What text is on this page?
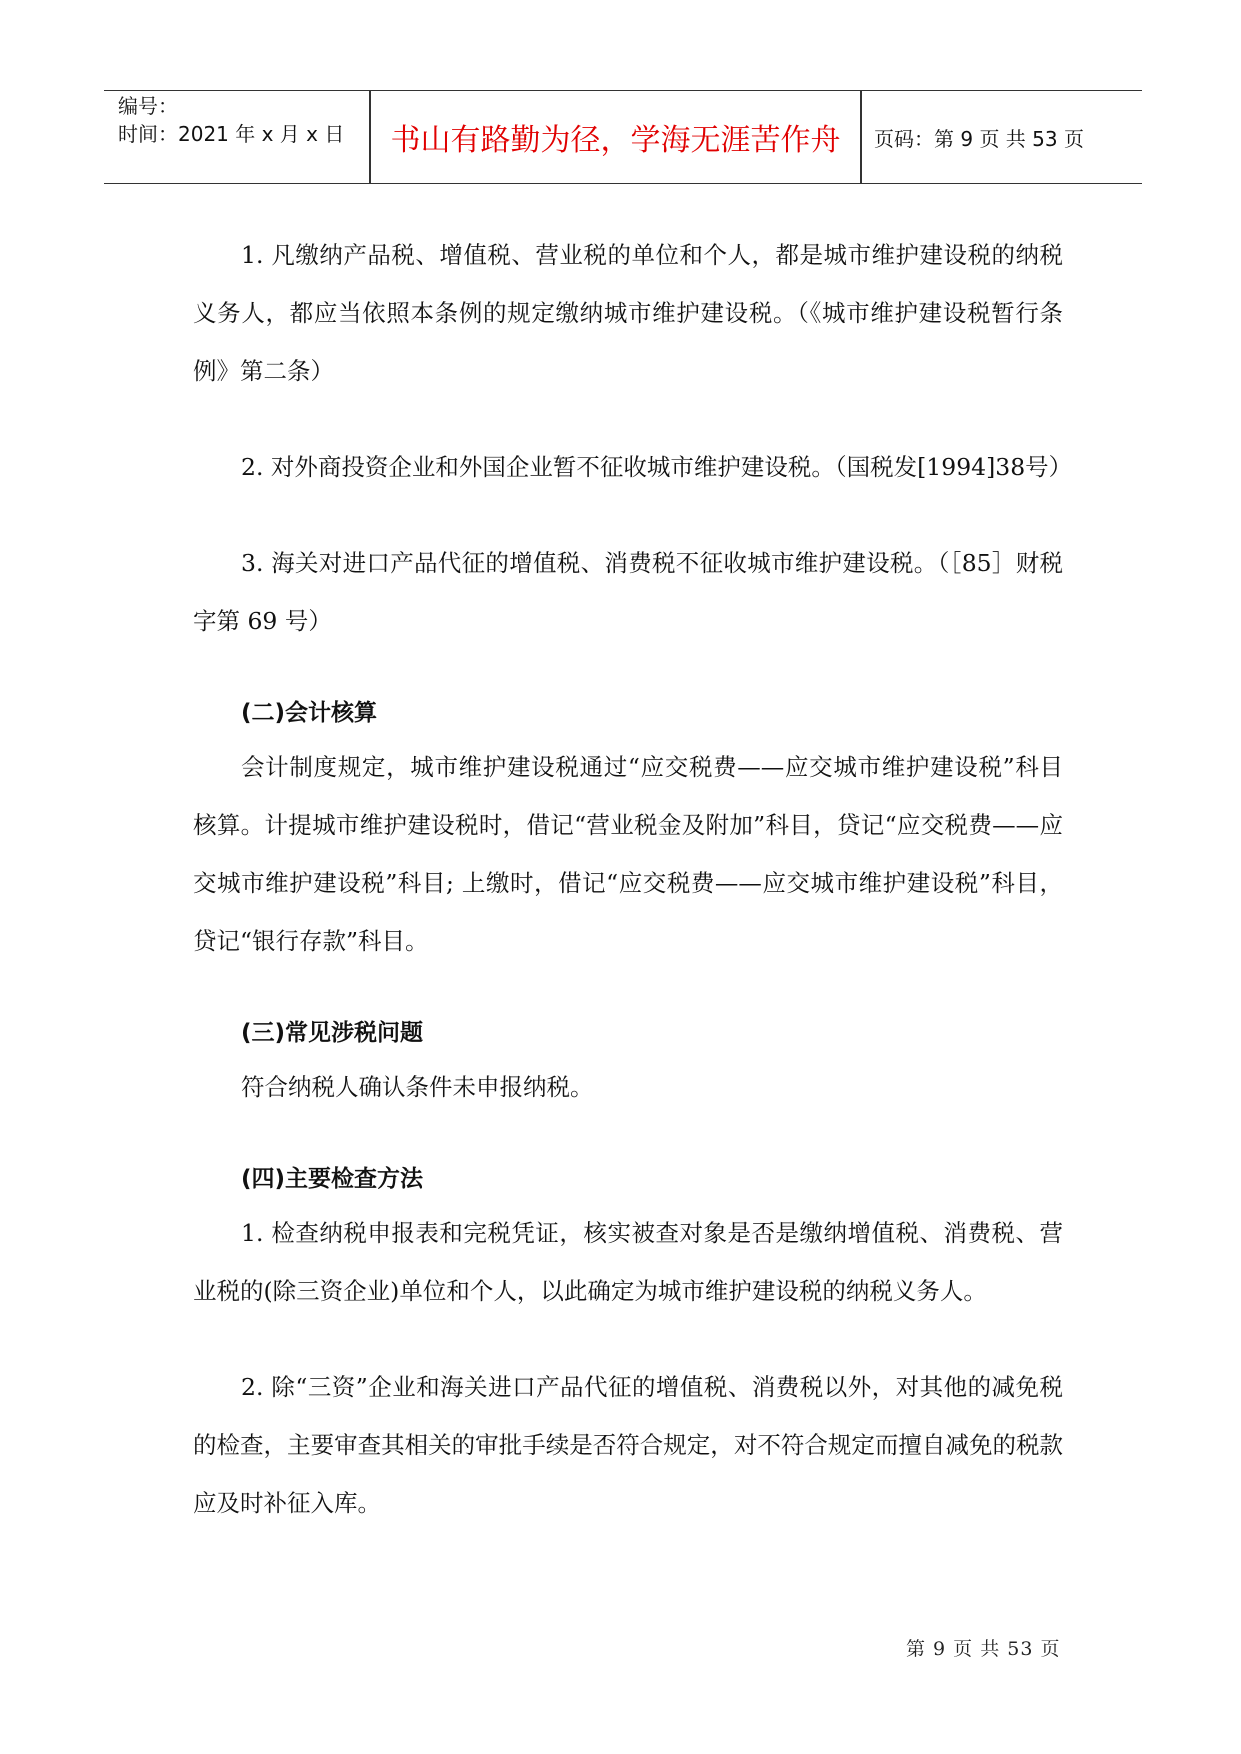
编号：
时间：2021 年 x 月 x 日	书山有路勤为径，学海无涯苦作舟	页码：第 9 页 共 53 页

1. 凡缴纳产品税、增值税、营业税的单位和个人，都是城市维护建设税的纳税义务人，都应当依照本条例的规定缴纳城市维护建设税。（《城市维护建设税暂行条例》第二条）

2. 对外商投资企业和外国企业暂不征收城市维护建设税。（国税发[1994]38号）

3. 海关对进口产品代征的增值税、消费税不征收城市维护建设税。（［85］财税字第 69 号）

(二)会计核算

会计制度规定，城市维护建设税通过“应交税费——应交城市维护建设税”科目核算。计提城市维护建设税时，借记“营业税金及附加”科目，贷记“应交税费——应交城市维护建设税”科目; 上缴时，借记“应交税费——应交城市维护建设税”科目，贷记“银行存款”科目。

(三)常见涉税问题

符合纳税人确认条件未申报纳税。

(四)主要检查方法

1. 检查纳税申报表和完税凭证，核实被查对象是否是缴纳增值税、消费税、营业税的(除三资企业)单位和个人，以此确定为城市维护建设税的纳税义务人。

2. 除“三资”企业和海关进口产品代征的增值税、消费税以外，对其他的减免税的检查，主要审查其相关的审批手续是否符合规定，对不符合规定而擅自减免的税款应及时补征入库。

第 9 页 共 53 页
